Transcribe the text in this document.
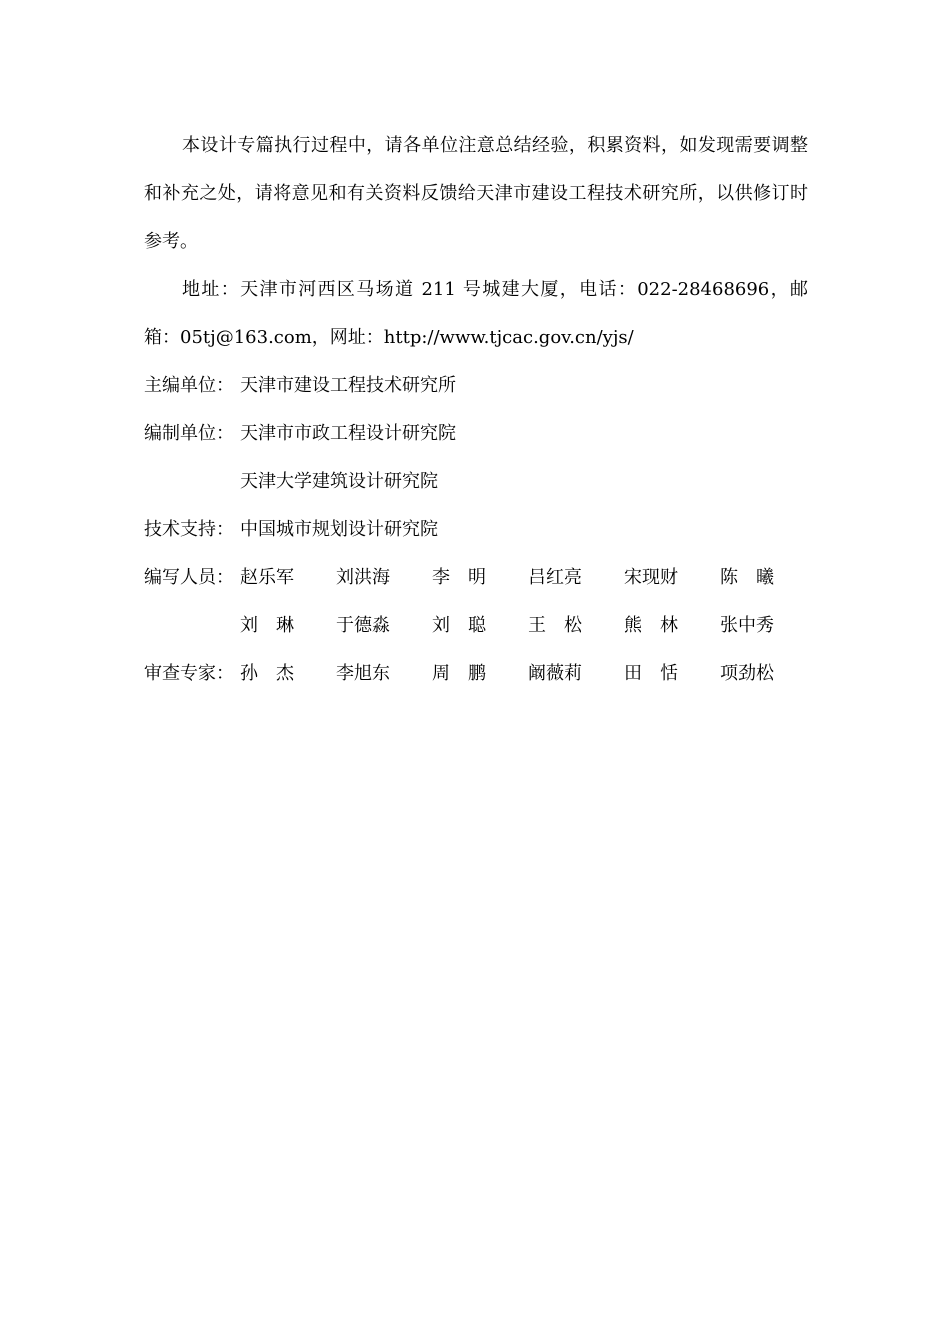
本设计专篇执行过程中，请各单位注意总结经验，积累资料，如发现需要调整和补充之处，请将意见和有关资料反馈给天津市建设工程技术研究所，以供修订时参考。

地址：天津市河西区马场道 211 号城建大厦，电话：022-28468696，邮箱：05tj@163.com，网址：http://www.tjcac.gov.cn/yjs/

主编单位： 天津市建设工程技术研究所
编制单位： 天津市市政工程设计研究院
天津大学建筑设计研究院
技术支持： 中国城市规划设计研究院
编写人员： 赵乐军 刘洪海 李　明 吕红亮 宋现财 陈　曦
刘　琳 于德淼 刘　聪 王　松 熊　林 张中秀
审查专家： 孙　杰 李旭东 周　鹏 阚薇莉 田　恬 项劲松
